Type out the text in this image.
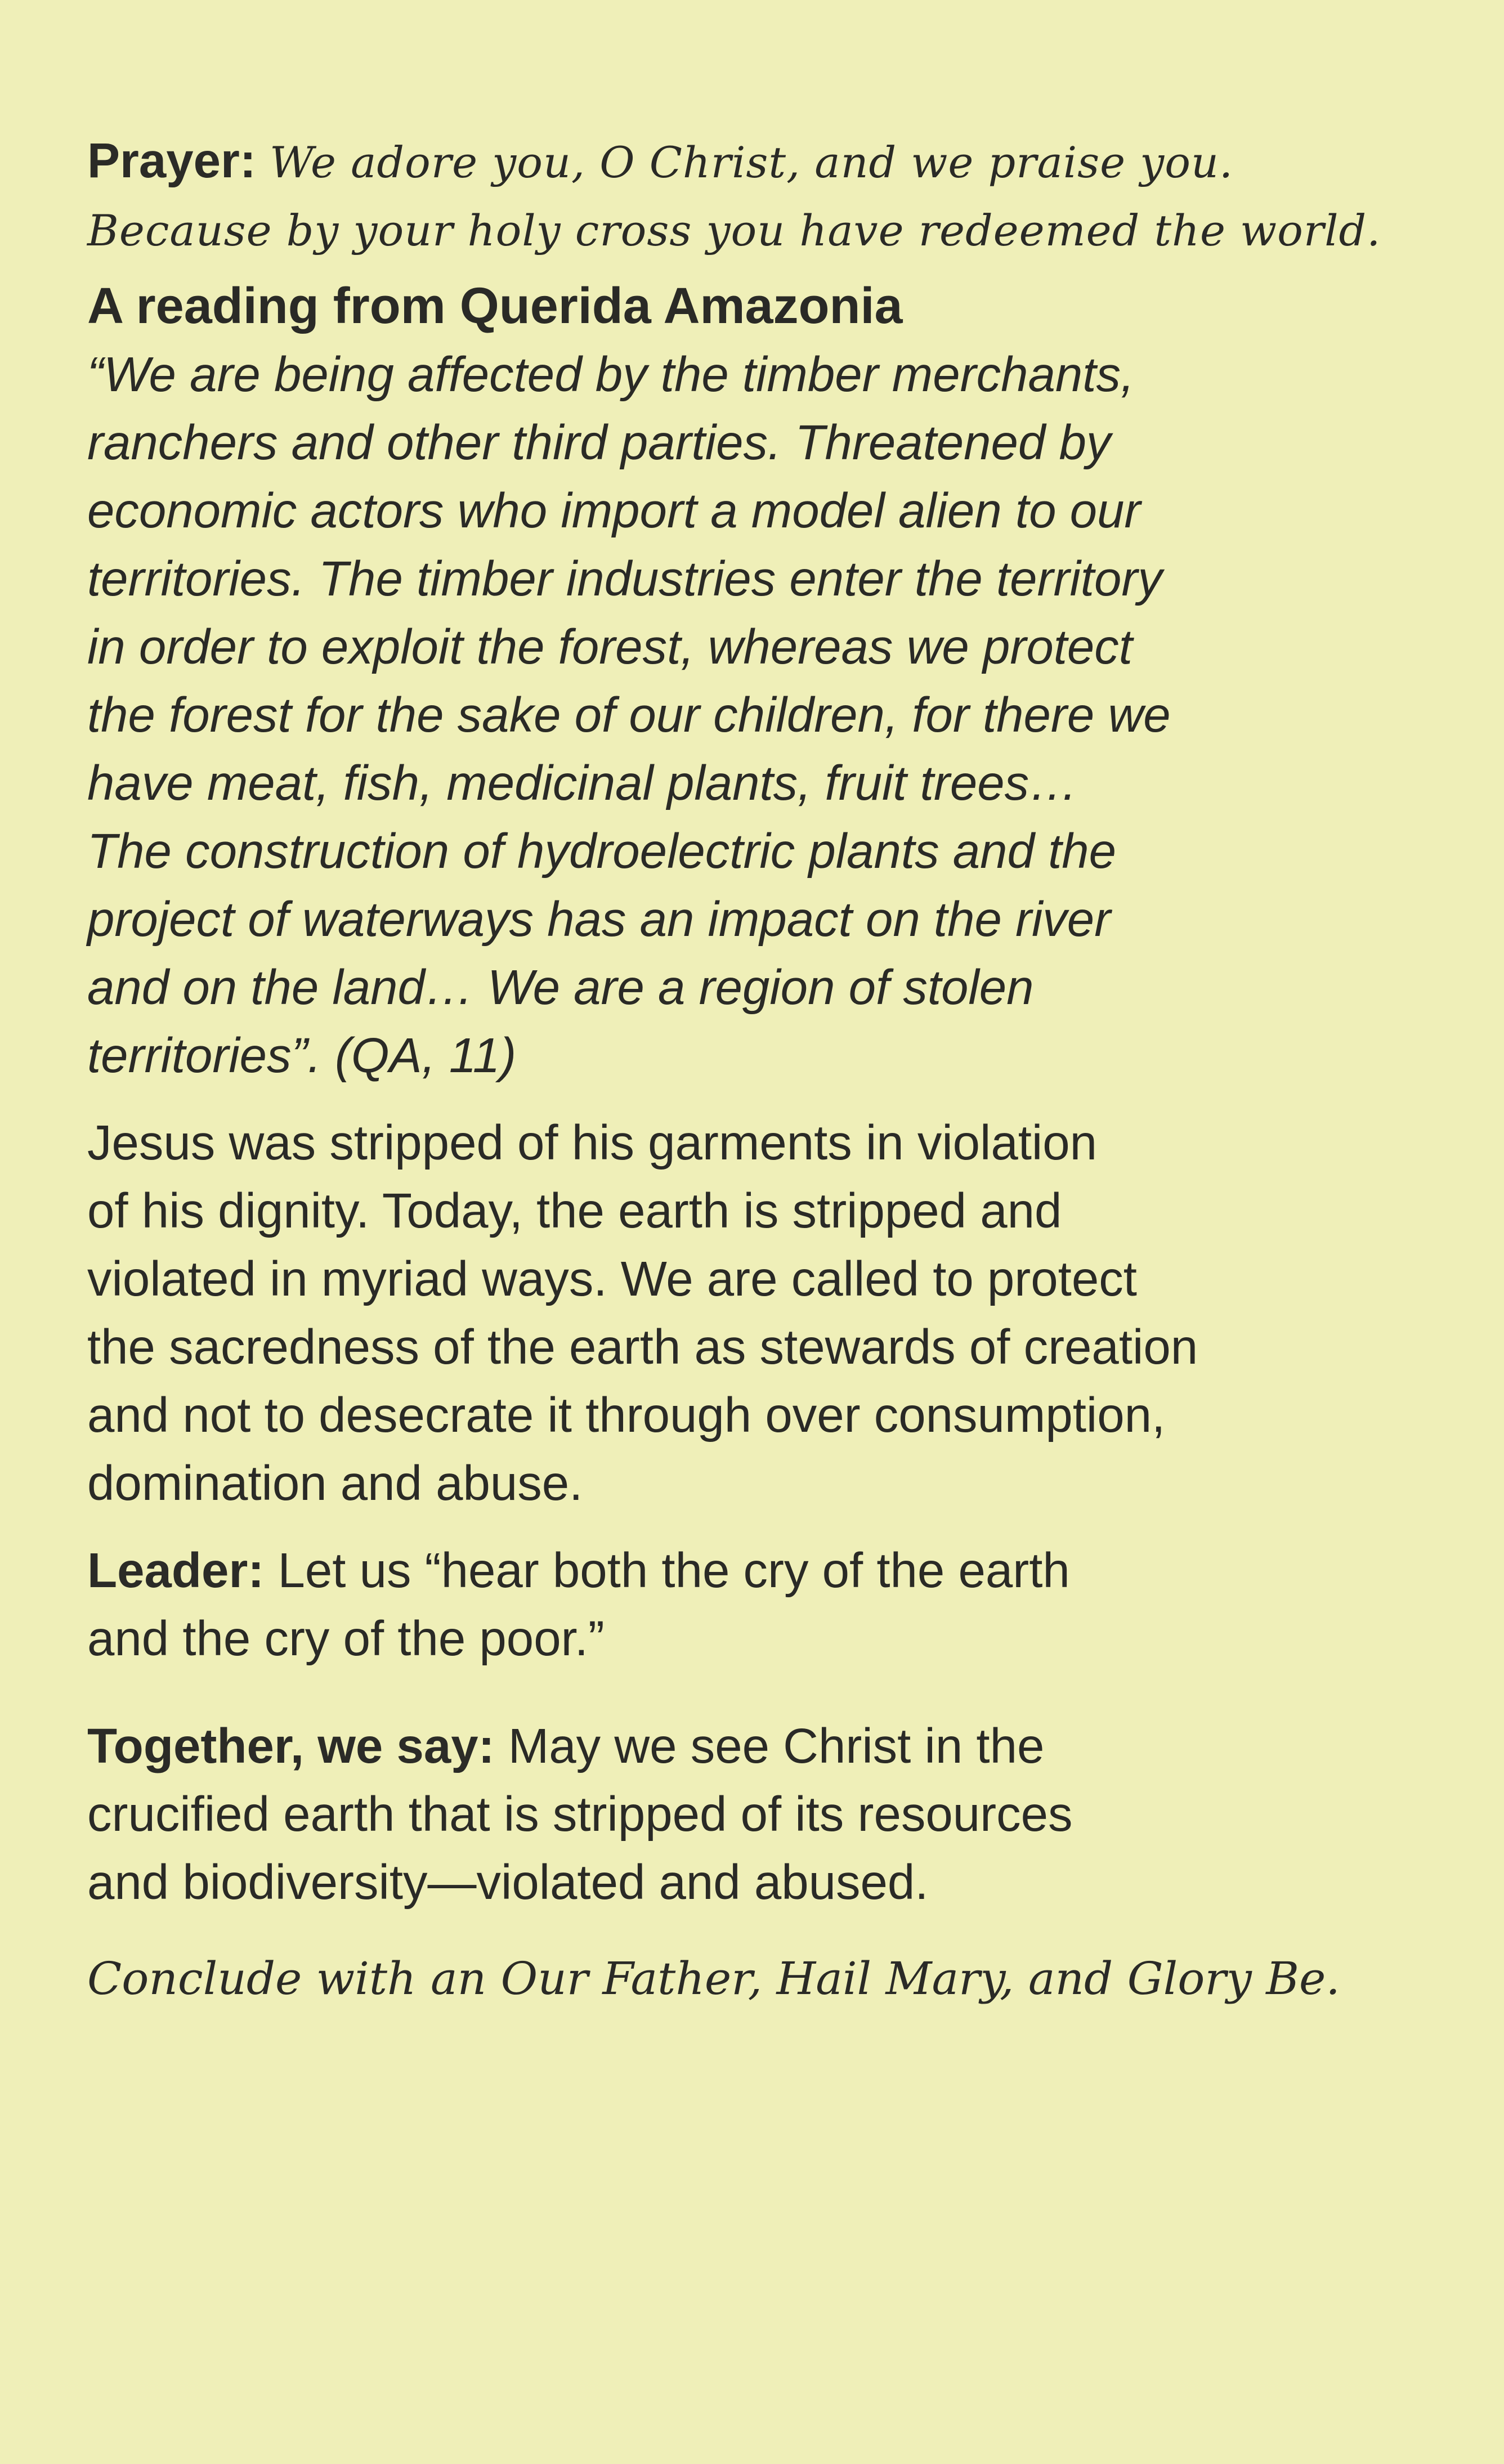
Prayer: We adore you, O Christ, and we praise you.
Because by your holy cross you have redeemed the world.
A reading from Querida Amazonia
“We are being affected by the timber merchants,
ranchers and other third parties. Threatened by
economic actors who import a model alien to our
territories. The timber industries enter the territory
in order to exploit the forest, whereas we protect
the forest for the sake of our children, for there we
have meat, fish, medicinal plants, fruit trees…
The construction of hydroelectric plants and the
project of waterways has an impact on the river
and on the land… We are a region of stolen
territories”. (QA, 11)
Jesus was stripped of his garments in violation
of his dignity. Today, the earth is stripped and
violated in myriad ways. We are called to protect
the sacredness of the earth as stewards of creation
and not to desecrate it through over consumption,
domination and abuse.
Leader: Let us “hear both the cry of the earth
and the cry of the poor.”
Together, we say: May we see Christ in the
crucified earth that is stripped of its resources
and biodiversity—violated and abused.
Conclude with an Our Father, Hail Mary, and Glory Be.
